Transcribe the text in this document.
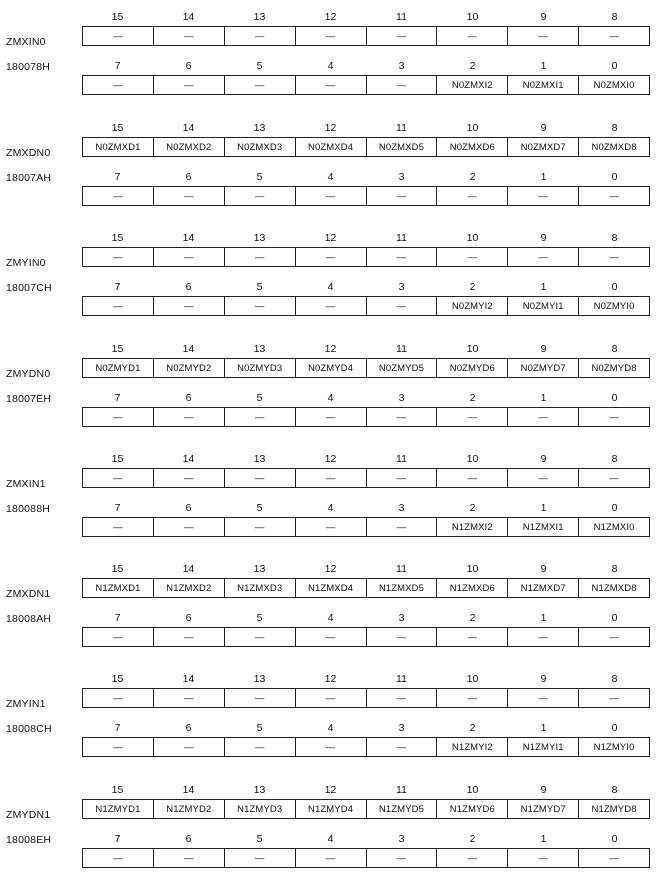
ZMXIN0
180078H
15	14	13	12	11	10	9	8
—	—	—	—	—	—	—	—
7	6	5	4	3	2	1	0
—	—	—	—	—	N0ZMXI2	N0ZMXI1	N0ZMXI0
ZMXDN0
18007AH
15	14	13	12	11	10	9	8
N0ZMXD1	N0ZMXD2	N0ZMXD3	N0ZMXD4	N0ZMXD5	N0ZMXD6	N0ZMXD7	N0ZMXD8
7	6	5	4	3	2	1	0
—	—	—	—	—	—	—	—
ZMYIN0
18007CH
15	14	13	12	11	10	9	8
—	—	—	—	—	—	—	—
7	6	5	4	3	2	1	0
—	—	—	—	—	N0ZMYI2	N0ZMYI1	N0ZMYI0
ZMYDN0
18007EH
15	14	13	12	11	10	9	8
N0ZMYD1	N0ZMYD2	N0ZMYD3	N0ZMYD4	N0ZMYD5	N0ZMYD6	N0ZMYD7	N0ZMYD8
7	6	5	4	3	2	1	0
—	—	—	—	—	—	—	—
ZMXIN1
180088H
15	14	13	12	11	10	9	8
—	—	—	—	—	—	—	—
7	6	5	4	3	2	1	0
—	—	—	—	—	N1ZMXI2	N1ZMXI1	N1ZMXI0
ZMXDN1
18008AH
15	14	13	12	11	10	9	8
N1ZMXD1	N1ZMXD2	N1ZMXD3	N1ZMXD4	N1ZMXD5	N1ZMXD6	N1ZMXD7	N1ZMXD8
7	6	5	4	3	2	1	0
—	—	—	—	—	—	—	—
ZMYIN1
18008CH
15	14	13	12	11	10	9	8
—	—	—	—	—	—	—	—
7	6	5	4	3	2	1	0
—	—	—	—	—	N1ZMYI2	N1ZMYI1	N1ZMYI0
ZMYDN1
18008EH
15	14	13	12	11	10	9	8
N1ZMYD1	N1ZMYD2	N1ZMYD3	N1ZMYD4	N1ZMYD5	N1ZMYD6	N1ZMYD7	N1ZMYD8
7	6	5	4	3	2	1	0
—	—	—	—	—	—	—	—
